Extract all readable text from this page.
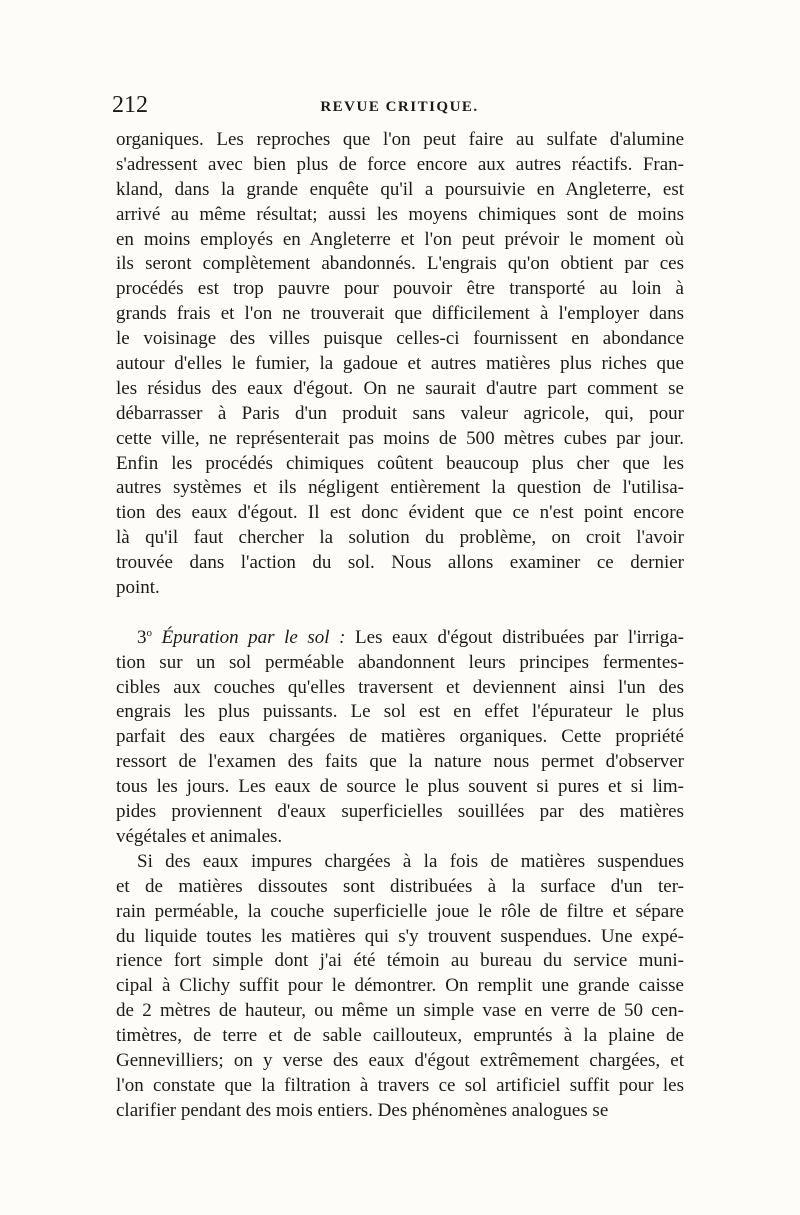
212	REVUE CRITIQUE.
organiques. Les reproches que l'on peut faire au sulfate d'alumine
s'adressent avec bien plus de force encore aux autres réactifs. Fran-
kland, dans la grande enquête qu'il a poursuivie en Angleterre, est
arrivé au même résultat; aussi les moyens chimiques sont de moins
en moins employés en Angleterre et l'on peut prévoir le moment où
ils seront complètement abandonnés. L'engrais qu'on obtient par ces
procédés est trop pauvre pour pouvoir être transporté au loin à
grands frais et l'on ne trouverait que difficilement à l'employer dans
le voisinage des villes puisque celles-ci fournissent en abondance
autour d'elles le fumier, la gadoue et autres matières plus riches que
les résidus des eaux d'égout. On ne saurait d'autre part comment se
débarrasser à Paris d'un produit sans valeur agricole, qui, pour
cette ville, ne représenterait pas moins de 500 mètres cubes par jour.
Enfin les procédés chimiques coûtent beaucoup plus cher que les
autres systèmes et ils négligent entièrement la question de l'utilisa-
tion des eaux d'égout. Il est donc évident que ce n'est point encore
là qu'il faut chercher la solution du problème, on croit l'avoir
trouvée dans l'action du sol. Nous allons examiner ce dernier
point.
3$^o$ Épuration par le sol : Les eaux d'égout distribuées par l'irriga-
tion sur un sol perméable abandonnent leurs principes fermentes-
cibles aux couches qu'elles traversent et deviennent ainsi l'un des
engrais les plus puissants. Le sol est en effet l'épurateur le plus
parfait des eaux chargées de matières organiques. Cette propriété
ressort de l'examen des faits que la nature nous permet d'observer
tous les jours. Les eaux de source le plus souvent si pures et si lim-
pides proviennent d'eaux superficielles souillées par des matières
végétales et animales.
Si des eaux impures chargées à la fois de matières suspendues
et de matières dissoutes sont distribuées à la surface d'un ter-
rain perméable, la couche superficielle joue le rôle de filtre et sépare
du liquide toutes les matières qui s'y trouvent suspendues. Une expé-
rience fort simple dont j'ai été témoin au bureau du service muni-
cipal à Clichy suffit pour le démontrer. On remplit une grande caisse
de 2 mètres de hauteur, ou même un simple vase en verre de 50 cen-
timètres, de terre et de sable caillouteux, empruntés à la plaine de
Gennevilliers; on y verse des eaux d'égout extrêmement chargées, et
l'on constate que la filtration à travers ce sol artificiel suffit pour les
clarifier pendant des mois entiers. Des phénomènes analogues se
